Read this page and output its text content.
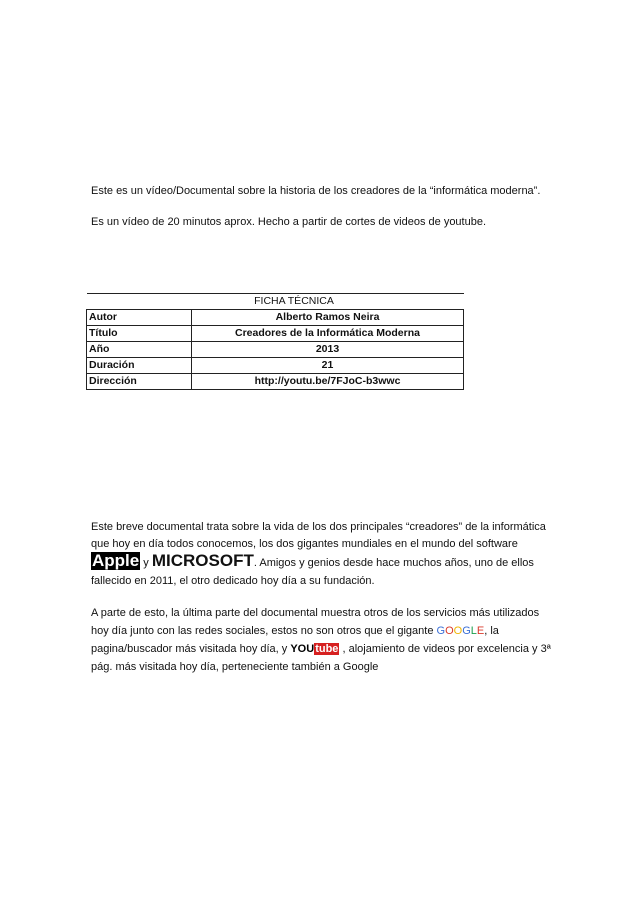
Este es un vídeo/Documental sobre la historia de los creadores de la “informática moderna”.

Es un vídeo de 20 minutos aprox. Hecho a partir de cortes de videos de youtube.

FICHA TÉCNICA	
Autor	Alberto Ramos Neira
Título	Creadores de la Informática Moderna
Año	2013
Duración	21
Dirección	http://youtu.be/7FJoC-b3wwc

Este breve documental trata sobre la vida de los dos principales “creadores” de la informática que hoy en día todos conocemos, los dos gigantes mundiales en el mundo del software

Apple y MICROSOFT. Amigos y genios desde hace muchos años, uno de ellos fallecido en 2011, el otro dedicado hoy día a su fundación.

A parte de esto, la última parte del documental muestra otros de los servicios más utilizados hoy día junto con las redes sociales, estos no son otros que el gigante GOOGLE, la pagina/buscador más visitada hoy día, y YOUtube , alojamiento de videos por excelencia y 3ª pág. más visitada hoy día, perteneciente también a Google
